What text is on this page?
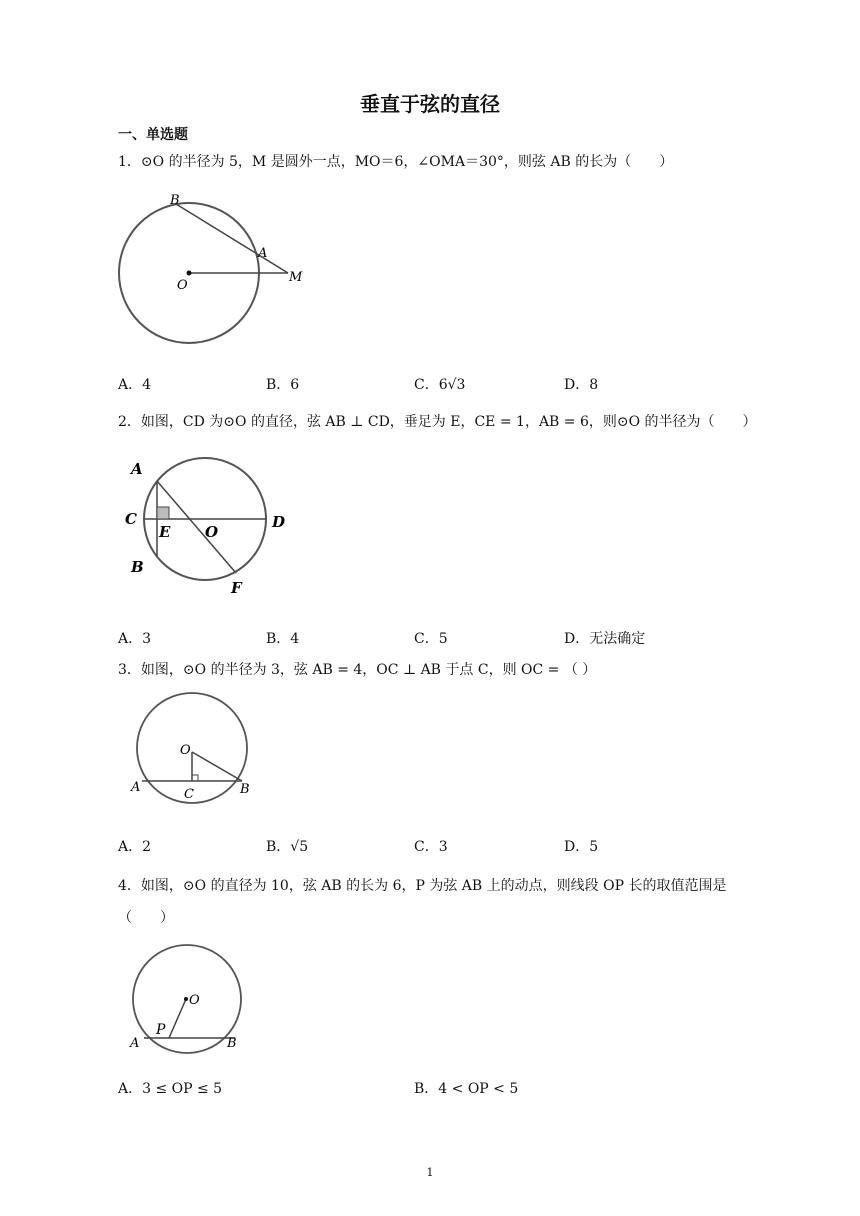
垂直于弦的直径
一、单选题
1．⊙O 的半径为 5，M 是圆外一点，MO＝6，∠OMA＝30°，则弦 AB 的长为（　　）
B
A
O
M
A．4	B．6	C．6√3	D．8
2．如图，CD 为⊙O 的直径，弦 AB ⊥ CD，垂足为 E，CE = 1，AB = 6，则⊙O 的半径为（　　）
A
C
E O
D
B
F
A．3	B．4	C．5	D．无法确定
3．如图，⊙O 的半径为 3，弦 AB = 4，OC ⊥ AB 于点 C，则 OC = （ ）
O
A	C	B
A．2	B．√5	C．3	D．5
4．如图，⊙O 的直径为 10，弦 AB 的长为 6，P 为弦 AB 上的动点，则线段 OP 长的取值范围是
（　　）
O
P
A	B
A．3 ≤ OP ≤ 5	B．4 < OP < 5
1
